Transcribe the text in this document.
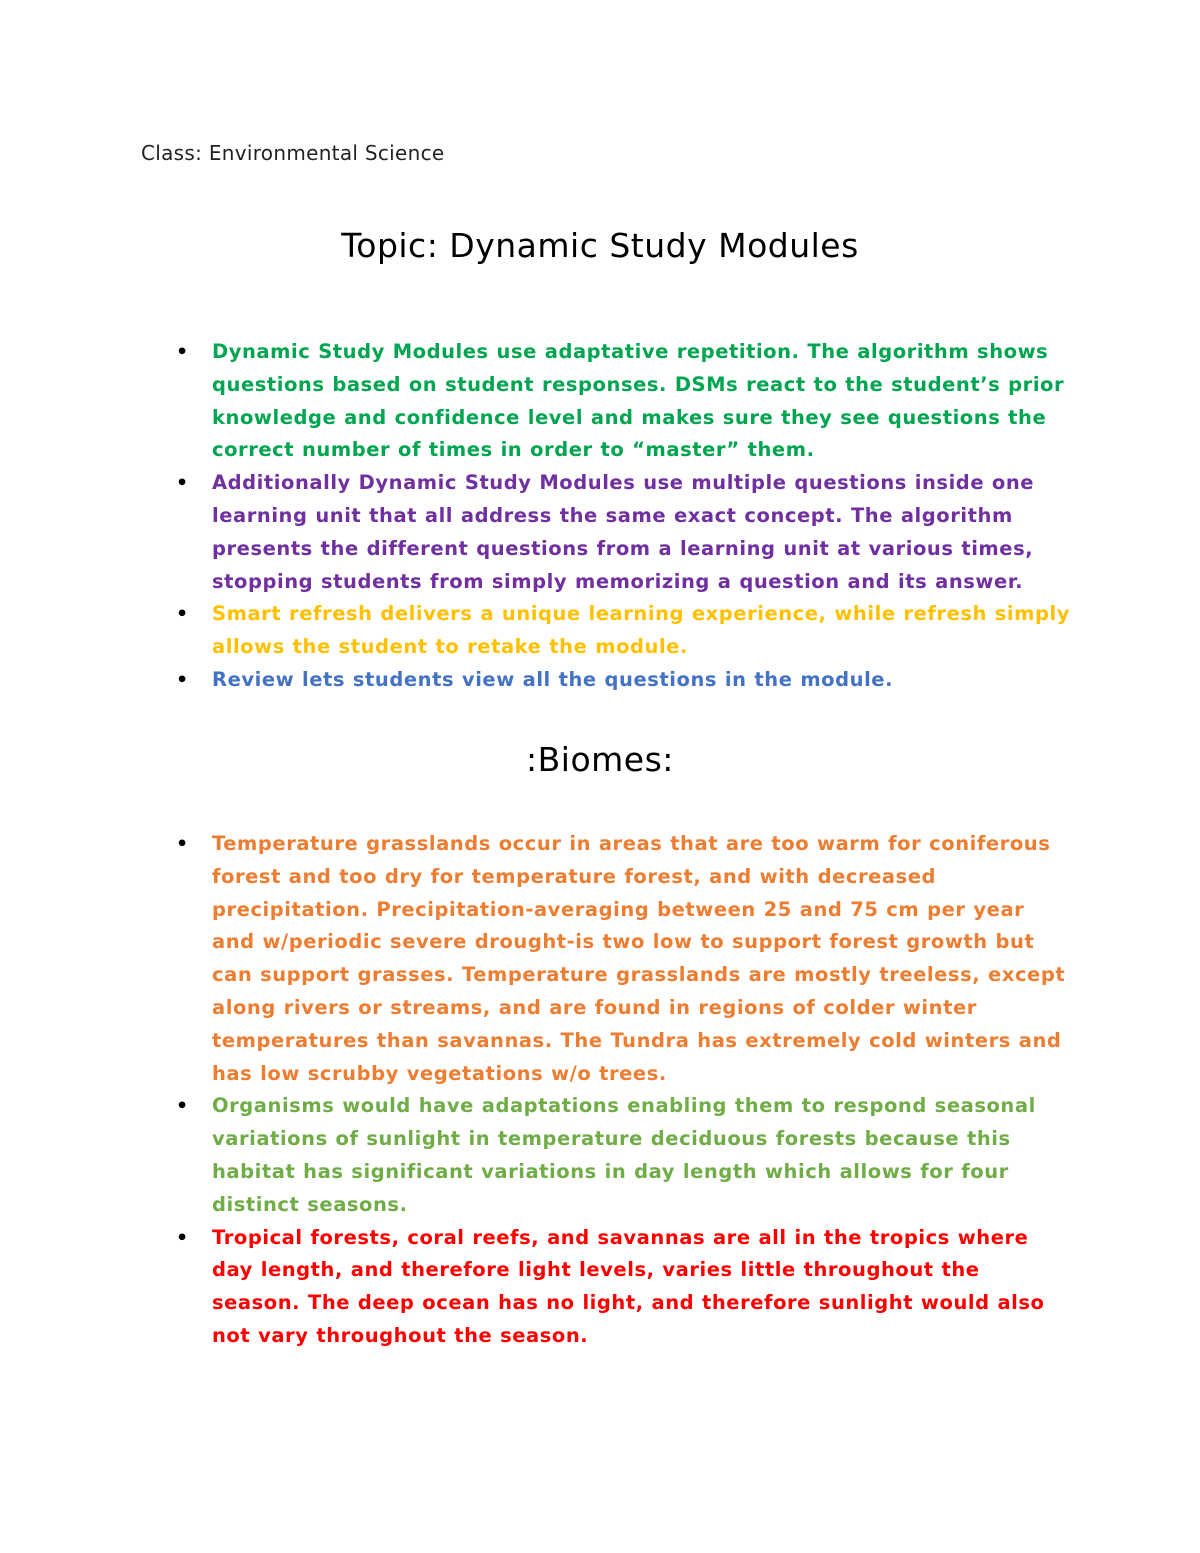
Class: Environmental Science
Topic: Dynamic Study Modules
• Dynamic Study Modules use adaptative repetition. The algorithm shows questions based on student responses. DSMs react to the student’s prior knowledge and confidence level and makes sure they see questions the correct number of times in order to “master” them.
• Additionally Dynamic Study Modules use multiple questions inside one learning unit that all address the same exact concept. The algorithm presents the different questions from a learning unit at various times, stopping students from simply memorizing a question and its answer.
• Smart refresh delivers a unique learning experience, while refresh simply allows the student to retake the module.
• Review lets students view all the questions in the module.
:Biomes:
• Temperature grasslands occur in areas that are too warm for coniferous forest and too dry for temperature forest, and with decreased precipitation. Precipitation-averaging between 25 and 75 cm per year and w/periodic severe drought-is two low to support forest growth but can support grasses. Temperature grasslands are mostly treeless, except along rivers or streams, and are found in regions of colder winter temperatures than savannas. The Tundra has extremely cold winters and has low scrubby vegetations w/o trees.
• Organisms would have adaptations enabling them to respond seasonal variations of sunlight in temperature deciduous forests because this habitat has significant variations in day length which allows for four distinct seasons.
• Tropical forests, coral reefs, and savannas are all in the tropics where day length, and therefore light levels, varies little throughout the season. The deep ocean has no light, and therefore sunlight would also not vary throughout the season.
